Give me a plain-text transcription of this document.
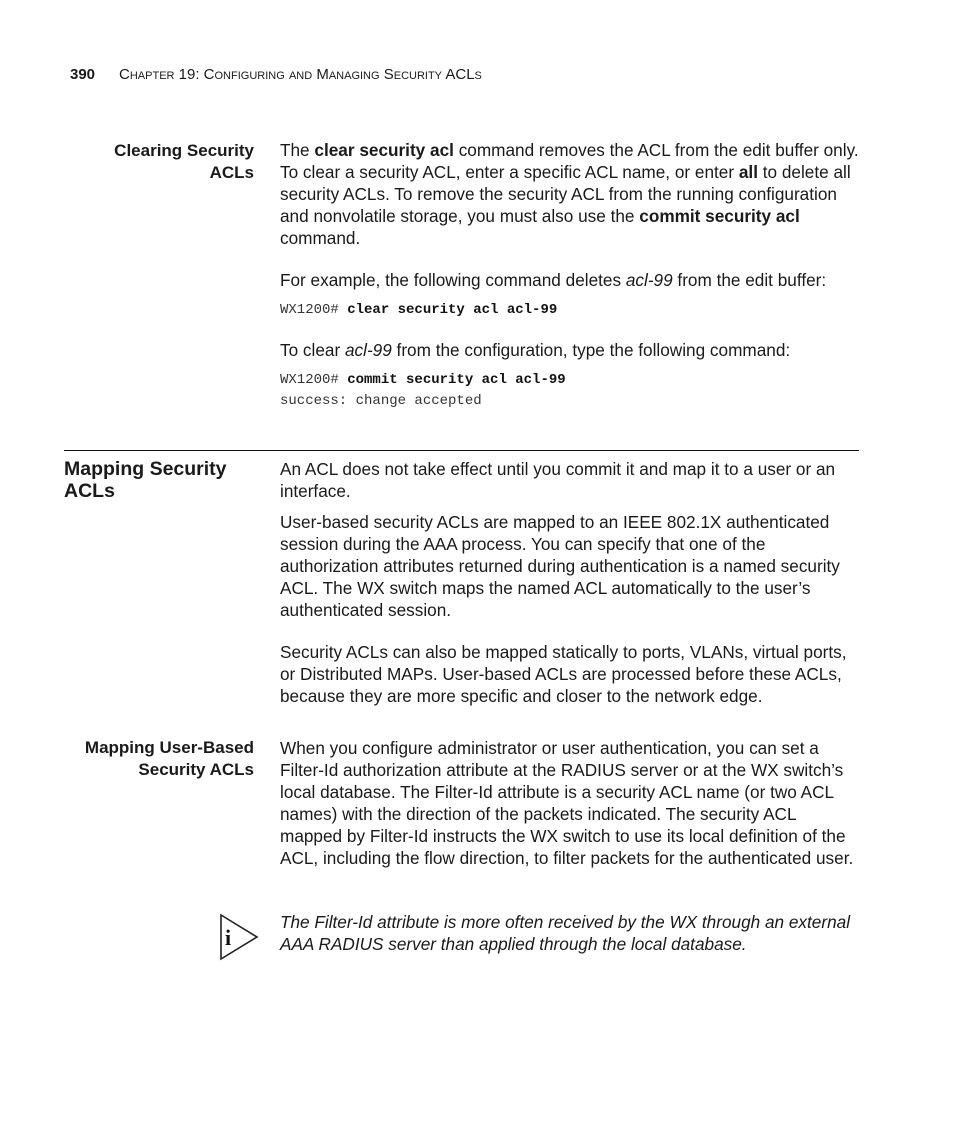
390 Chapter 19: Configuring and Managing Security ACLs
Clearing Security
ACLs

The clear security acl command removes the ACL from the edit buffer only. To clear a security ACL, enter a specific ACL name, or enter all to delete all security ACLs. To remove the security ACL from the running configuration and nonvolatile storage, you must also use the commit security acl command.

For example, the following command deletes acl-99 from the edit buffer:

WX1200# clear security acl acl-99

To clear acl-99 from the configuration, type the following command:

WX1200# commit security acl acl-99
success: change accepted
Mapping Security
ACLs

An ACL does not take effect until you commit it and map it to a user or an interface.

User-based security ACLs are mapped to an IEEE 802.1X authenticated session during the AAA process. You can specify that one of the authorization attributes returned during authentication is a named security ACL. The WX switch maps the named ACL automatically to the user’s authenticated session.

Security ACLs can also be mapped statically to ports, VLANs, virtual ports, or Distributed MAPs. User-based ACLs are processed before these ACLs, because they are more specific and closer to the network edge.

Mapping User-Based
Security ACLs

When you configure administrator or user authentication, you can set a Filter-Id authorization attribute at the RADIUS server or at the WX switch’s local database. The Filter-Id attribute is a security ACL name (or two ACL names) with the direction of the packets indicated. The security ACL mapped by Filter-Id instructs the WX switch to use its local definition of the ACL, including the flow direction, to filter packets for the authenticated user.

i

The Filter-Id attribute is more often received by the WX through an external AAA RADIUS server than applied through the local database.
